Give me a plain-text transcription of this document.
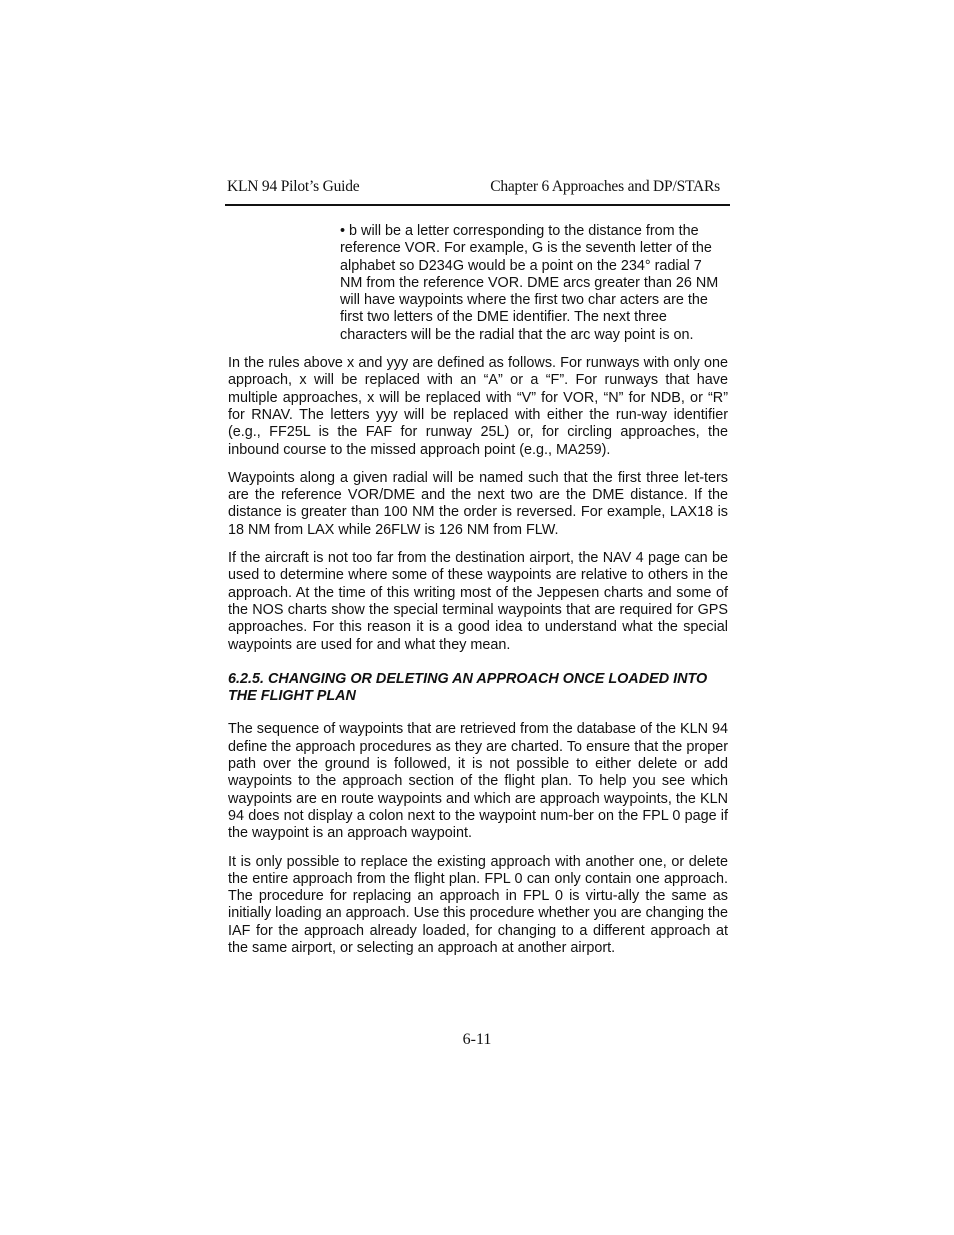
KLN 94 Pilot’s Guide	Chapter 6 Approaches and DP/STARs
• b will be a letter corresponding to the distance from the reference VOR. For example, G is the seventh letter of the alphabet so D234G would be a point on the 234° radial 7 NM from the reference VOR. DME arcs greater than 26 NM will have waypoints where the first two char acters are the first two letters of the DME identifier. The next three characters will be the radial that the arc way point is on.

In the rules above x and yyy are defined as follows. For runways with only one approach, x will be replaced with an “A” or a “F”. For runways that have multiple approaches, x will be replaced with “V” for VOR, “N” for NDB, or “R” for RNAV. The letters yyy will be replaced with either the run-way identifier (e.g., FF25L is the FAF for runway 25L) or, for circling approaches, the inbound course to the missed approach point (e.g., MA259).

Waypoints along a given radial will be named such that the first three let-ters are the reference VOR/DME and the next two are the DME distance. If the distance is greater than 100 NM the order is reversed. For example, LAX18 is 18 NM from LAX while 26FLW is 126 NM from FLW.

If the aircraft is not too far from the destination airport, the NAV 4 page can be used to determine where some of these waypoints are relative to others in the approach. At the time of this writing most of the Jeppesen charts and some of the NOS charts show the special terminal waypoints that are required for GPS approaches. For this reason it is a good idea to understand what the special waypoints are used for and what they mean.

6.2.5. CHANGING OR DELETING AN APPROACH ONCE LOADED INTO THE FLIGHT PLAN

The sequence of waypoints that are retrieved from the database of the KLN 94 define the approach procedures as they are charted. To ensure that the proper path over the ground is followed, it is not possible to either delete or add waypoints to the approach section of the flight plan. To help you see which waypoints are en route waypoints and which are approach waypoints, the KLN 94 does not display a colon next to the waypoint num-ber on the FPL 0 page if the waypoint is an approach waypoint.

It is only possible to replace the existing approach with another one, or delete the entire approach from the flight plan. FPL 0 can only contain one approach. The procedure for replacing an approach in FPL 0 is virtu-ally the same as initially loading an approach. Use this procedure whether you are changing the IAF for the approach already loaded, for changing to a different approach at the same airport, or selecting an approach at another airport.

6-11
